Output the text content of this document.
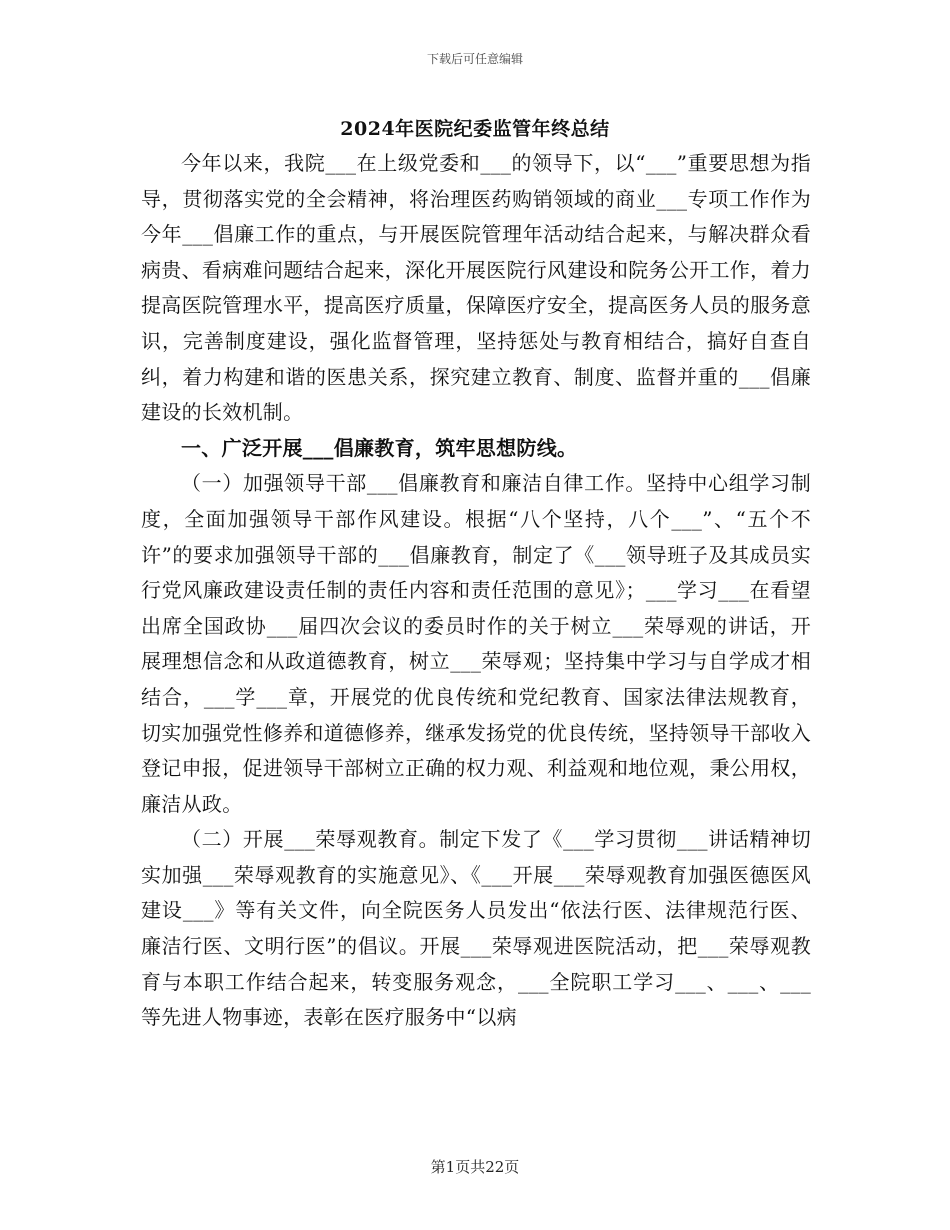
下载后可任意编辑
2024年医院纪委监管年终总结

今年以来，我院___在上级党委和___的领导下，以“___”重要思想为指导，贯彻落实党的全会精神，将治理医药购销领域的商业___专项工作作为今年___倡廉工作的重点，与开展医院管理年活动结合起来，与解决群众看病贵、看病难问题结合起来，深化开展医院行风建设和院务公开工作，着力提高医院管理水平，提高医疗质量，保障医疗安全，提高医务人员的服务意识，完善制度建设，强化监督管理，坚持惩处与教育相结合，搞好自查自纠，着力构建和谐的医患关系，探究建立教育、制度、监督并重的___倡廉建设的长效机制。

一、广泛开展___倡廉教育，筑牢思想防线。

（一）加强领导干部___倡廉教育和廉洁自律工作。坚持中心组学习制度，全面加强领导干部作风建设。根据“八个坚持，八个___”、“五个不许”的要求加强领导干部的___倡廉教育，制定了《___领导班子及其成员实行党风廉政建设责任制的责任内容和责任范围的意见》；___学习___在看望出席全国政协___届四次会议的委员时作的关于树立___荣辱观的讲话，开展理想信念和从政道德教育，树立___荣辱观；坚持集中学习与自学成才相结合，___学___章，开展党的优良传统和党纪教育、国家法律法规教育，切实加强党性修养和道德修养，继承发扬党的优良传统，坚持领导干部收入登记申报，促进领导干部树立正确的权力观、利益观和地位观，秉公用权，廉洁从政。

（二）开展___荣辱观教育。制定下发了《___学习贯彻___讲话精神切实加强___荣辱观教育的实施意见》、《___开展___荣辱观教育加强医德医风建设___》等有关文件，向全院医务人员发出“依法行医、法律规范行医、廉洁行医、文明行医”的倡议。开展___荣辱观进医院活动，把___荣辱观教育与本职工作结合起来，转变服务观念，___全院职工学习___、___、___等先进人物事迹，表彰在医疗服务中“以病

第1页共22页
